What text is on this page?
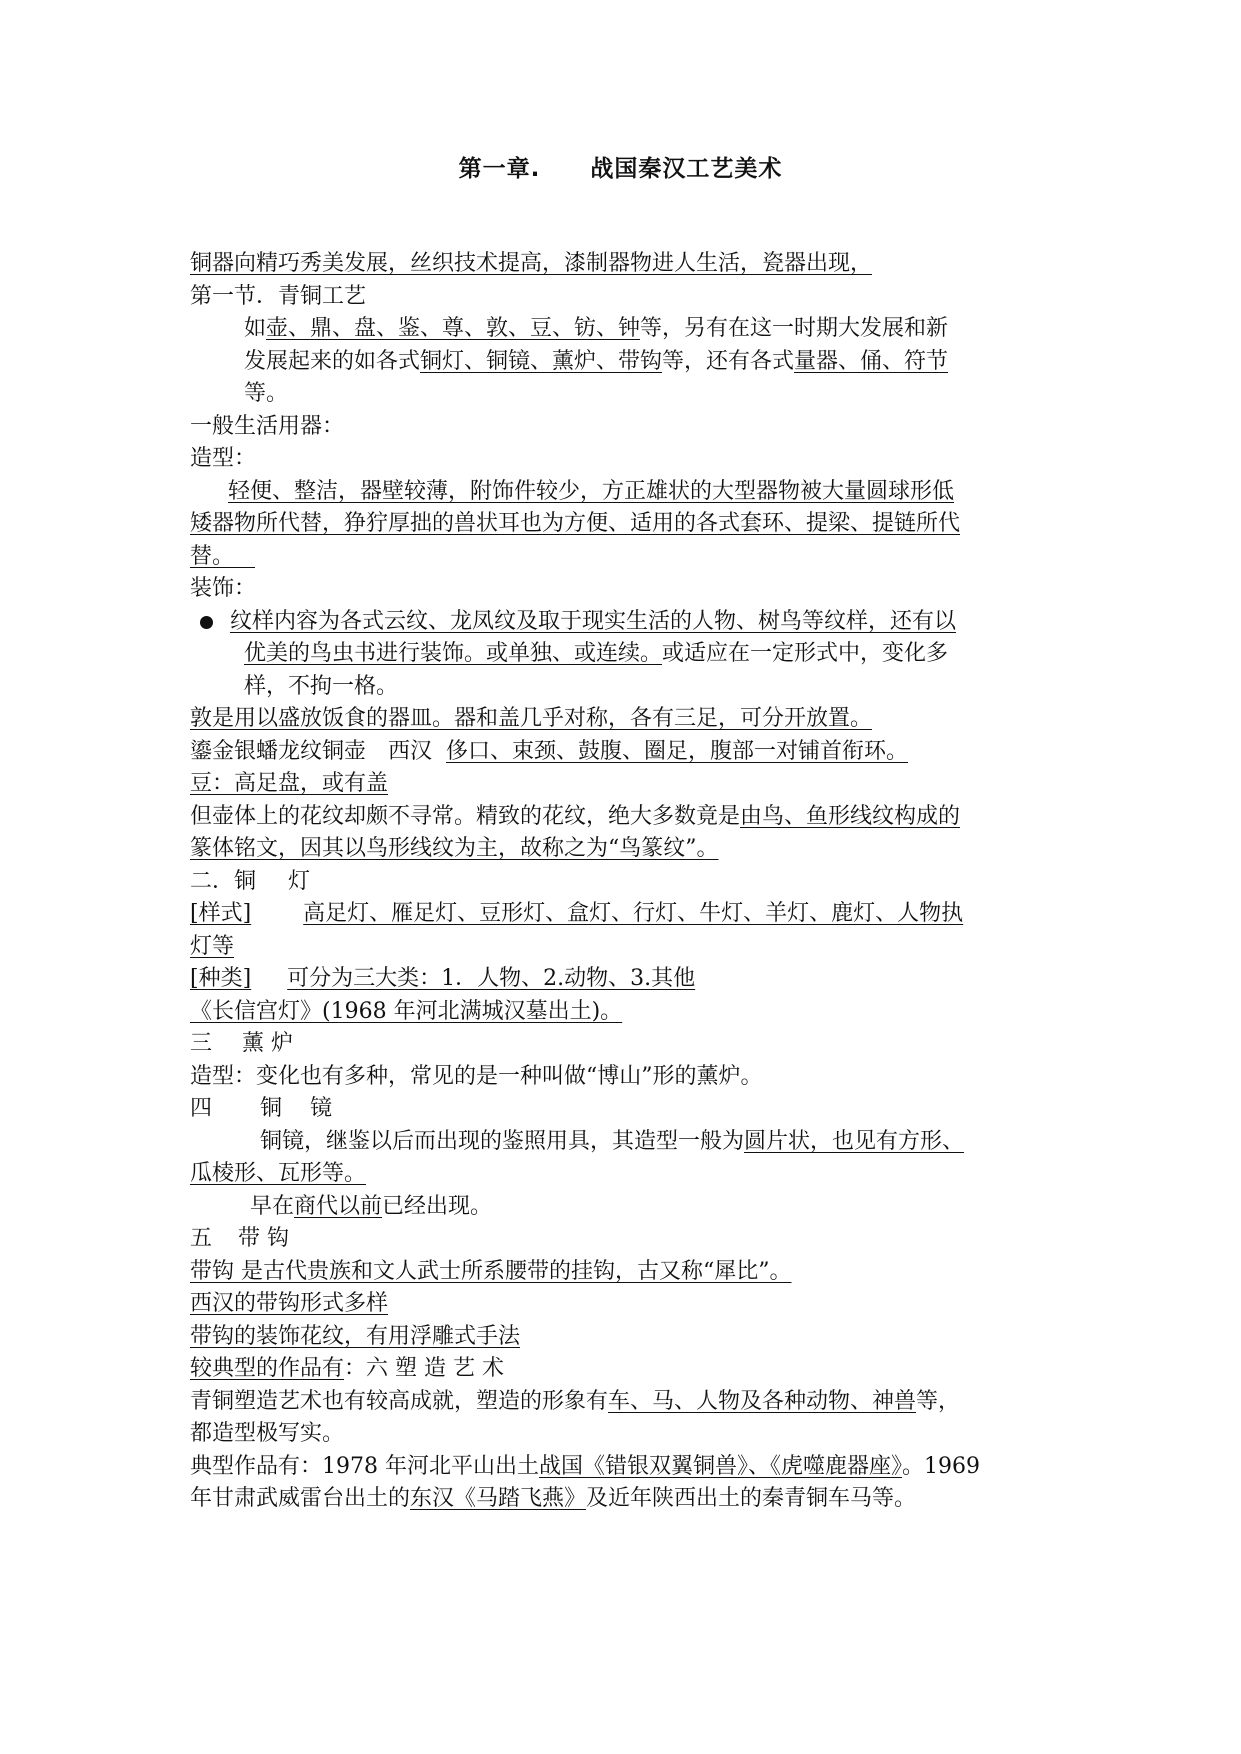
第一章. 战国秦汉工艺美术
铜器向精巧秀美发展，丝织技术提高，漆制器物进人生活，瓷器出现，
第一节．青铜工艺
如壶、鼎、盘、鉴、尊、敦、豆、钫、钟等，另有在这一时期大发展和新
发展起来的如各式铜灯、铜镜、薰炉、带钩等，还有各式量器、俑、符节
等。
一般生活用器：
造型：
轻便、整洁，器壁较薄，附饰件较少，方正雄状的大型器物被大量圆球形低
矮器物所代替，狰狞厚拙的兽状耳也为方便、适用的各式套环、提梁、提链所代
替。
装饰：
纹样内容为各式云纹、龙凤纹及取于现实生活的人物、树鸟等纹样，还有以
优美的鸟虫书进行装饰。或单独、或连续。或适应在一定形式中，变化多
样，不拘一格。
敦是用以盛放饭食的器皿。器和盖几乎对称，各有三足，可分开放置。
鎏金银蟠龙纹铜壶 西汉 侈口、束颈、鼓腹、圈足，腹部一对铺首衔环。
豆：高足盘，或有盖
但壶体上的花纹却颇不寻常。精致的花纹，绝大多数竟是由鸟、鱼形线纹构成的
篆体铭文，因其以鸟形线纹为主，故称之为“鸟篆纹”。
二．铜 灯
[样式] 高足灯、雁足灯、豆形灯、盒灯、行灯、牛灯、羊灯、鹿灯、人物执
灯等
[种类] 可分为三大类：1．人物、2.动物、3.其他
《长信宫灯》(1968 年河北满城汉墓出土)。
三 薰 炉
造型：变化也有多种，常见的是一种叫做“博山”形的薰炉。
四 铜 镜
铜镜，继鉴以后而出现的鉴照用具，其造型一般为圆片状，也见有方形、
瓜棱形、瓦形等。
早在商代以前已经出现。
五 带 钩
带钩 是古代贵族和文人武士所系腰带的挂钩，古又称“犀比”。
西汉的带钩形式多样
带钩的装饰花纹，有用浮雕式手法
较典型的作品有：六 塑 造 艺 术
青铜塑造艺术也有较高成就，塑造的形象有车、马、人物及各种动物、神兽等，
都造型极写实。
典型作品有：1978 年河北平山出土战国《错银双翼铜兽》、《虎噬鹿器座》。1969
年甘肃武威雷台出土的东汉《马踏飞燕》及近年陕西出土的秦青铜车马等。
